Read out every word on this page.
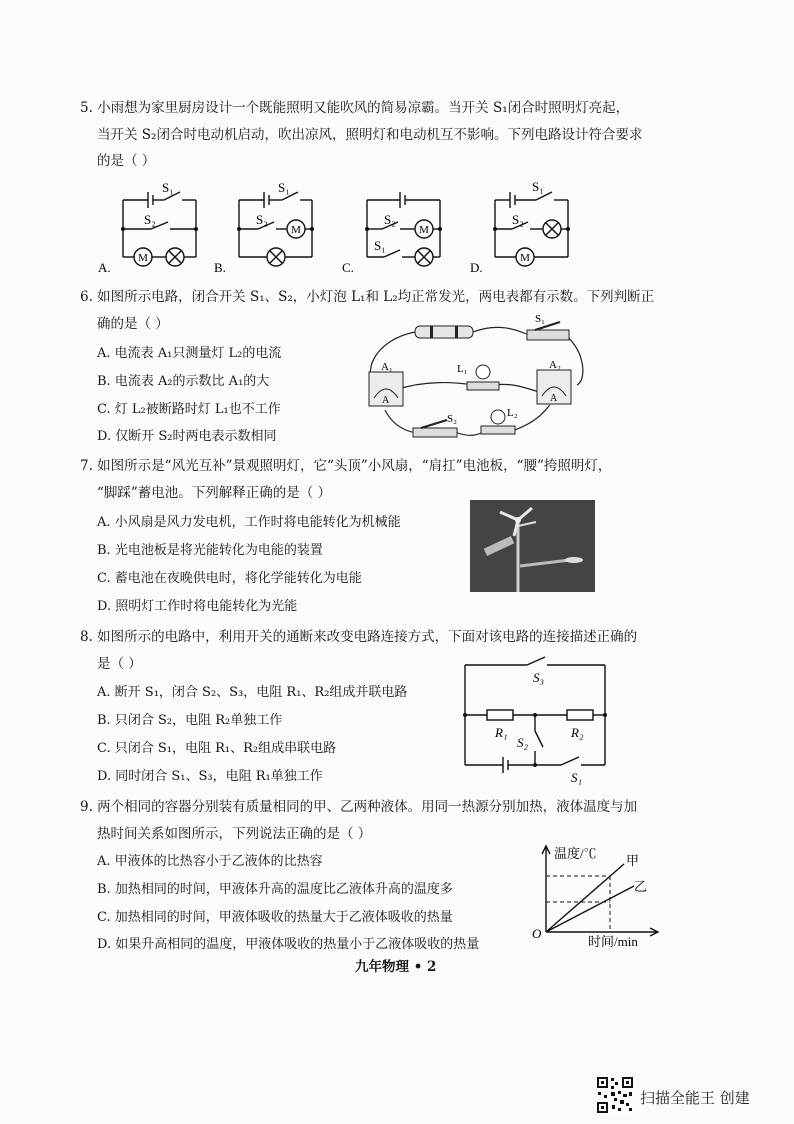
5. 小雨想为家里厨房设计一个既能照明又能吹风的简易凉霸。当开关 S₁闭合时照明灯亮起，
当开关 S₂闭合时电动机启动，吹出凉风，照明灯和电动机互不影响。下列电路设计符合要求
的是（ ）
M
S₁
S₂
A.
M
S₁
S₂
B.
M
S₂
S₁
C.
M
S₁
S₂
D.
6. 如图所示电路，闭合开关 S₁、S₂，小灯泡 L₁和 L₂均正常发光，两电表都有示数。下列判断正
确的是（ ）
A. 电流表 A₁只测量灯 L₂的电流
B. 电流表 A₂的示数比 A₁的大
C. 灯 L₂被断路时灯 L₁也不工作
D. 仅断开 S₂时两电表示数相同
S₁
A₁
A
A₂
A
L₁
S₂	L₂
7. 如图所示是“风光互补”景观照明灯，它“头顶”小风扇，“肩扛”电池板，“腰”挎照明灯，
“脚踩”蓄电池。下列解释正确的是（ ）
A. 小风扇是风力发电机，工作时将电能转化为机械能
B. 光电池板是将光能转化为电能的装置
C. 蓄电池在夜晚供电时，将化学能转化为电能
D. 照明灯工作时将电能转化为光能
8. 如图所示的电路中，利用开关的通断来改变电路连接方式，下面对该电路的连接描述正确的
是（ ）
A. 断开 S₁，闭合 S₂、S₃，电阻 R₁、R₂组成并联电路
B. 只闭合 S₂，电阻 R₂单独工作
C. 只闭合 S₁，电阻 R₁、R₂组成串联电路
D. 同时闭合 S₁、S₃，电阻 R₁单独工作
S₃
R₁	R₂
S₂
S₁
9. 两个相同的容器分别装有质量相同的甲、乙两种液体。用同一热源分别加热，液体温度与加
热时间关系如图所示，下列说法正确的是（ ）
A. 甲液体的比热容小于乙液体的比热容
B. 加热相同的时间，甲液体升高的温度比乙液体升高的温度多
C. 加热相同的时间，甲液体吸收的热量大于乙液体吸收的热量
D. 如果升高相同的温度，甲液体吸收的热量小于乙液体吸收的热量
温度/℃ 甲
乙
O
时间/min
九年物理 • 2
扫描全能王 创建
